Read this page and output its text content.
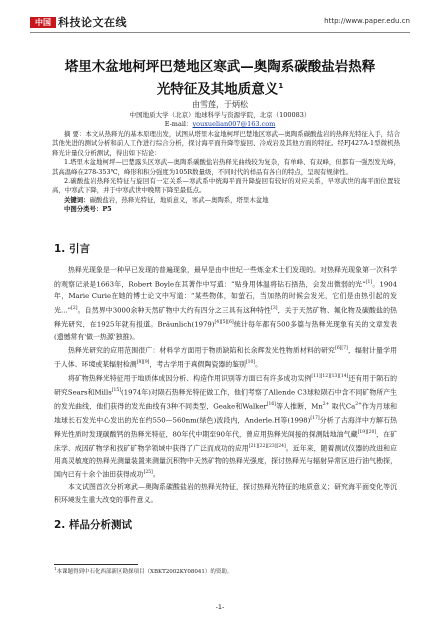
中国 科技论文在线	http://www.paper.edu.cn
塔里木盆地柯坪巴楚地区寒武—奥陶系碳酸盐岩热释
光特征及其地质意义$^1$
由雪莲，于炳松
中国地质大学（北京）地球科学与资源学院，北京（100083）
E-mail：youxuelian007@163.com

摘 要：本文从热释光的基本原理出发，试图从塔里木盆地柯坪巴楚地区寒武—奥陶系碳酸盐岩的热释光特征入手，结合其他先进的测试分析和前人工作进行综合分析，探讨海平面升降等旋回、冷成岩及其他方面的特征。经FJ427A-1型微机热释光计量仪分析测试，得出如下结论：

1.塔里木盆地柯坪—巴楚露头区寒武—奥陶系碳酸盐岩热释光曲线较为复杂，有单峰、有双峰，但都有一强烈发光峰，其高温峰在278-353℃，峰形和积分强度为105R数量级，不同时代的样品有各自的特点，呈现有规律性。

2.碳酸盐岩热释光特征与旋回有一定关系—寒武系中统海平面升降旋回有较好的对应关系，早寒武世的海平面位置较高，中寒武下降，并于中寒武世中晚期下降至最低点。

关键词：碳酸盐岩，热释光特征，地质意义，寒武—奥陶系，塔里木盆地

中图分类号：P5

1. 引言

热释光现象是一种早已发现的普遍现象，最早是由中世纪一些炼金术士们发现的。对热释光现象第一次科学的观察记录是1663年，Robert Boyle在其著作中写道：“贴身用体温将钻石捂热，会发出微弱的光”[1]。1904年，Marie Curie在她的博士论文中写道：“某些物体，如萤石，当加热的时候会发光，它们是由热引起的发光...”[2]。自然界中3000余种天然矿物中大约有四分之三具有这种特性[3]，关于天然矿物、氟化物及碳酸盐的热释光研究，在1925年就有报道。Bräunlich(1979)[4][5][6]统计每年都有500多篇与热释光现象有关的文章发表(遗憾常有'做一热源'独推)。

热释光研究的应用范围很广：材料学方面用于物质缺陷和长余辉发光性物质材料的研究[6][7]，辐射计量学用于人体、环境或某辐射检测[8][9]，考古学用于真假陶瓷器的鉴别[10]。

将矿物热释光特征用于地质体成因分析、构造作用识别等方面已有许多成功实例[11][12][13][14]还有用于陨石的研究Sears和Mills[15](1974年)对陨石热释光特征做工作，他们考察了Allende C3球粒陨石中含不同矿物所产生的发光曲线，他们获得的发光曲线有3种不同类型，Geake和Walker[16]等人推断，$Mn^{2+}$ 取代$Ca^{2+}$作为月球和地球长石发光中心发出的光在约550—560nm(绿色)波段内，Anderle.H等(1998)[17]分析了古海洋中方解石热释光性质时发现碳酸钙的热释光特征，80年代中期至90年代，曾应用热释光间接的探测陆地油气藏[19][20]，在矿床学、成因矿物学和找矿矿物学领域中获得了广泛而成功的应用[21][22][23][24]。近年来，随着测试仪器的改进和应用高灵敏度的热释光测量装置来测量沉积物中天然矿物的热释光强度，探讨热释光与辐射异常区进行油气勘探，国内已有十余个油田获得成功[25]。

本文试图首次分析寒武—奥陶系碳酸盐岩的热释光特征，探讨热释光特征的地质意义；研究海平面变化等沉积环境发生重大改变的事件意义。

2. 样品分析测试
$^1$本课题得到中石化西部新区勘探项目（XBKT2002KY08041）的资助。
-1-
